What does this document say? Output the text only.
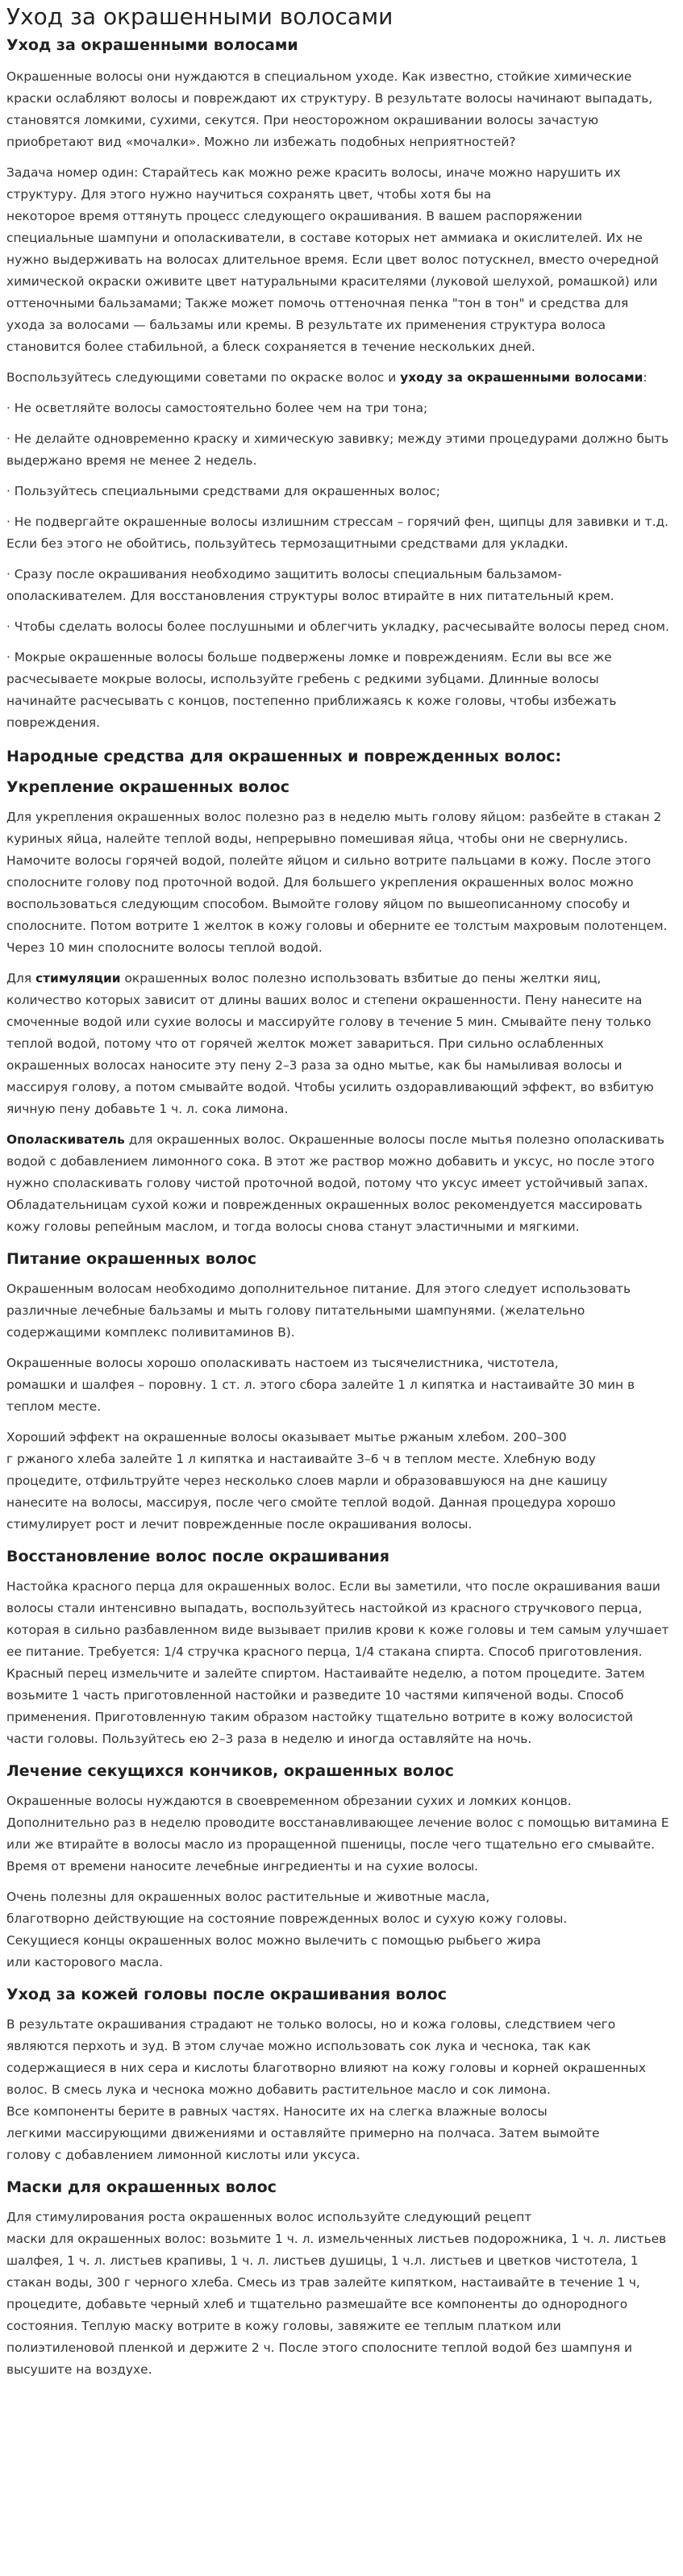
Уход за окрашенными волосами
Уход за окрашенными волосами

Окрашенные волосы они нуждаются в специальном уходе. Как известно, стойкие химические краски ослабляют волосы и повреждают их структуру. В результате волосы начинают выпадать, становятся ломкими, сухими, секутся. При неосторожном окрашивании волосы зачастую приобретают вид «мочалки». Можно ли избежать подобных неприятностей?

Задача номер один: Старайтесь как можно реже красить волосы, иначе можно нарушить их структуру. Для этого нужно научиться сохранять цвет, чтобы хотя бы на
некоторое время оттянуть процесс следующего окрашивания. В вашем распоряжении специальные шампуни и ополаскиватели, в составе которых нет аммиака и окислителей. Их не нужно выдерживать на волосах длительное время. Если цвет волос потускнел, вместо очередной химической окраски оживите цвет натуральными красителями (луковой шелухой, ромашкой) или оттеночными бальзамами; Также может помочь оттеночная пенка "тон в тон" и средства для ухода за волосами — бальзамы или кремы. В результате их применения структура волоса становится более стабильной, а блеск сохраняется в течение нескольких дней.

Воспользуйтесь следующими советами по окраске волос и уходу за окрашенными волосами:

· Не осветляйте волосы самостоятельно более чем на три тона;

· Не делайте одновременно краску и химическую завивку; между этими процедурами должно быть выдержано время не менее 2 недель.

· Пользуйтесь специальными средствами для окрашенных волос;

· Не подвергайте окрашенные волосы излишним стрессам – горячий фен, щипцы для завивки и т.д. Если без этого не обойтись, пользуйтесь термозащитными средствами для укладки.

· Сразу после окрашивания необходимо защитить волосы специальным бальзамом-ополаскивателем. Для восстановления структуры волос втирайте в них питательный крем.

· Чтобы сделать волосы более послушными и облегчить укладку, расчесывайте волосы перед сном.

· Мокрые окрашенные волосы больше подвержены ломке и повреждениям. Если вы все же расчесываете мокрые волосы, используйте гребень с редкими зубцами. Длинные волосы начинайте расчесывать с концов, постепенно приближаясь к коже головы, чтобы избежать повреждения.

Народные средства для окрашенных и поврежденных волос:
Укрепление окрашенных волос

Для укрепления окрашенных волос полезно раз в неделю мыть голову яйцом: разбейте в стакан 2 куриных яйца, налейте теплой воды, непрерывно помешивая яйца, чтобы они не свернулись. Намочите волосы горячей водой, полейте яйцом и сильно вотрите пальцами в кожу. После этого сполосните голову под проточной водой. Для большего укрепления окрашенных волос можно воспользоваться следующим способом. Вымойте голову яйцом по вышеописанному способу и сполосните. Потом вотрите 1 желток в кожу головы и оберните ее толстым махровым полотенцем. Через 10 мин сполосните волосы теплой водой.

Для стимуляции окрашенных волос полезно использовать взбитые до пены желтки яиц, количество которых зависит от длины ваших волос и степени окрашенности. Пену нанесите на смоченные водой или сухие волосы и массируйте голову в течение 5 мин. Смывайте пену только теплой водой, потому что от горячей желток может завариться. При сильно ослабленных окрашенных волосах наносите эту пену 2–3 раза за одно мытье, как бы намыливая волосы и массируя голову, а потом смывайте водой. Чтобы усилить оздоравливающий эффект, во взбитую яичную пену добавьте 1 ч. л. сока лимона.

Ополаскиватель для окрашенных волос. Окрашенные волосы после мытья полезно ополаскивать водой с добавлением лимонного сока. В этот же раствор можно добавить и уксус, но после этого нужно споласкивать голову чистой проточной водой, потому что уксус имеет устойчивый запах. Обладательницам сухой кожи и поврежденных окрашенных волос рекомендуется массировать кожу головы репейным маслом, и тогда волосы снова станут эластичными и мягкими.

Питание окрашенных волос

Окрашенным волосам необходимо дополнительное питание. Для этого следует использовать различные лечебные бальзамы и мыть голову питательными шампунями. (желательно содержащими комплекс поливитаминов В).

Окрашенные волосы хорошо ополаскивать настоем из тысячелистника, чистотела,
ромашки и шалфея – поровну. 1 ст. л. этого сбора залейте 1 л кипятка и настаивайте 30 мин в теплом месте.

Хороший эффект на окрашенные волосы оказывает мытье ржаным хлебом. 200–300
г ржаного хлеба залейте 1 л кипятка и настаивайте 3–6 ч в теплом месте. Хлебную воду процедите, отфильтруйте через несколько слоев марли и образовавшуюся на дне кашицу нанесите на волосы, массируя, после чего смойте теплой водой. Данная процедура хорошо стимулирует рост и лечит поврежденные после окрашивания волосы.

Восстановление волос после окрашивания

Настойка красного перца для окрашенных волос. Если вы заметили, что после окрашивания ваши волосы стали интенсивно выпадать, воспользуйтесь настойкой из красного стручкового перца, которая в сильно разбавленном виде вызывает прилив крови к коже головы и тем самым улучшает ее питание. Требуется: 1/4 стручка красного перца, 1/4 стакана спирта. Способ приготовления. Красный перец измельчите и залейте спиртом. Настаивайте неделю, а потом процедите. Затем возьмите 1 часть приготовленной настойки и разведите 10 частями кипяченой воды. Способ применения. Приготовленную таким образом настойку тщательно вотрите в кожу волосистой части головы. Пользуйтесь ею 2–3 раза в неделю и иногда оставляйте на ночь.

Лечение секущихся кончиков, окрашенных волос

Окрашенные волосы нуждаются в своевременном обрезании сухих и ломких концов. Дополнительно раз в неделю проводите восстанавливающее лечение волос с помощью витамина Е или же втирайте в волосы масло из проращенной пшеницы, после чего тщательно его смывайте. Время от времени наносите лечебные ингредиенты и на сухие волосы.

Очень полезны для окрашенных волос растительные и животные масла,
благотворно действующие на состояние поврежденных волос и сухую кожу головы.
Секущиеся концы окрашенных волос можно вылечить с помощью рыбьего жира
или касторового масла.

Уход за кожей головы после окрашивания волос

В результате окрашивания страдают не только волосы, но и кожа головы, следствием чего являются перхоть и зуд. В этом случае можно использовать сок лука и чеснока, так как содержащиеся в них сера и кислоты благотворно влияют на кожу головы и корней окрашенных волос. В смесь лука и чеснока можно добавить растительное масло и сок лимона.
Все компоненты берите в равных частях. Наносите их на слегка влажные волосы
легкими массирующими движениями и оставляйте примерно на полчаса. Затем вымойте
голову с добавлением лимонной кислоты или уксуса.

Маски для окрашенных волос

Для стимулирования роста окрашенных волос используйте следующий рецепт
маски для окрашенных волос: возьмите 1 ч. л. измельченных листьев подорожника, 1 ч. л. листьев шалфея, 1 ч. л. листьев крапивы, 1 ч. л. листьев душицы, 1 ч.л. листьев и цветков чистотела, 1 стакан воды, 300 г черного хлеба. Смесь из трав залейте кипятком, настаивайте в течение 1 ч, процедите, добавьте черный хлеб и тщательно размешайте все компоненты до однородного состояния. Теплую маску вотрите в кожу головы, завяжите ее теплым платком или полиэтиленовой пленкой и держите 2 ч. После этого сполосните теплой водой без шампуня и высушите на воздухе.
